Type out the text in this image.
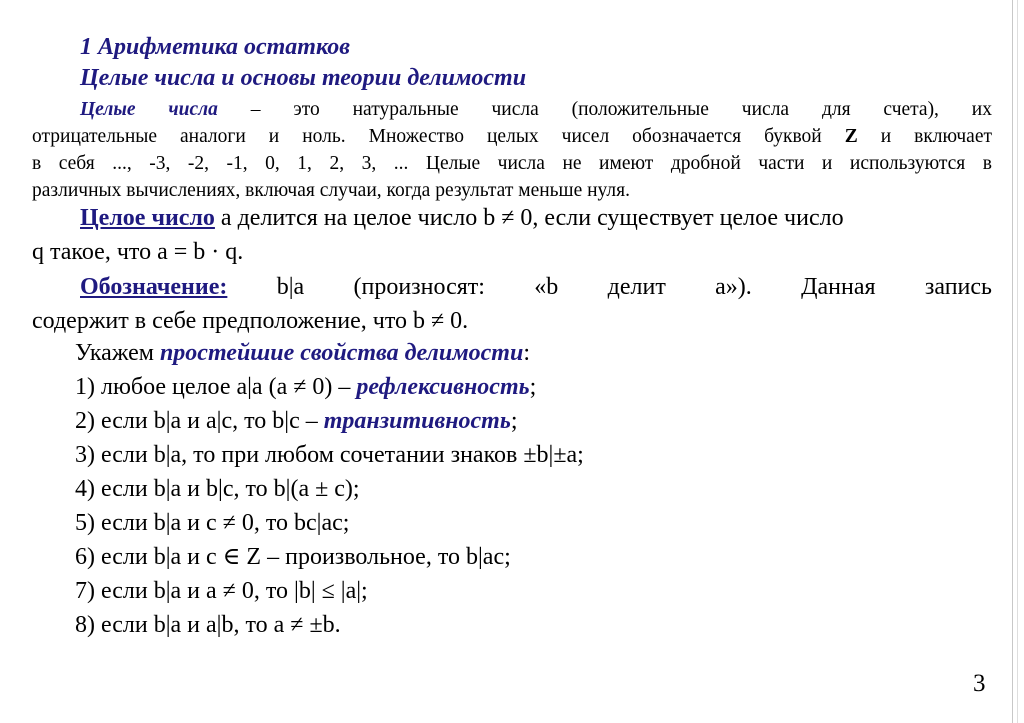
1 Арифметика остатков
Целые числа и основы теории делимости
Целые числа – это натуральные числа (положительные числа для счета), их
отрицательные аналоги и ноль. Множество целых чисел обозначается буквой Z и включает
в себя ..., -3, -2, -1, 0, 1, 2, 3, ... Целые числа не имеют дробной части и используются в
различных вычислениях, включая случаи, когда результат меньше нуля.
Целое число a делится на целое число b ≠ 0, если существует целое число
q такое, что a = b · q.
Обозначение: b|a (произносят: «b делит a»). Данная запись
содержит в себе предположение, что b ≠ 0.

Укажем простейшие свойства делимости:

1) любое целое a|a (a ≠ 0) – рефлексивность;

2) если b|a и a|c, то b|c – транзитивность;

3) если b|a, то при любом сочетании знаков ±b|±a;

4) если b|a и b|c, то b|(a ± c);

5) если b|a и c ≠ 0, то bc|ac;

6) если b|a и c ∈ Z – произвольное, то b|ac;

7) если b|a и a ≠ 0, то |b| ≤ |a|;

8) если b|a и a|b, то a ≠ ±b.

3
